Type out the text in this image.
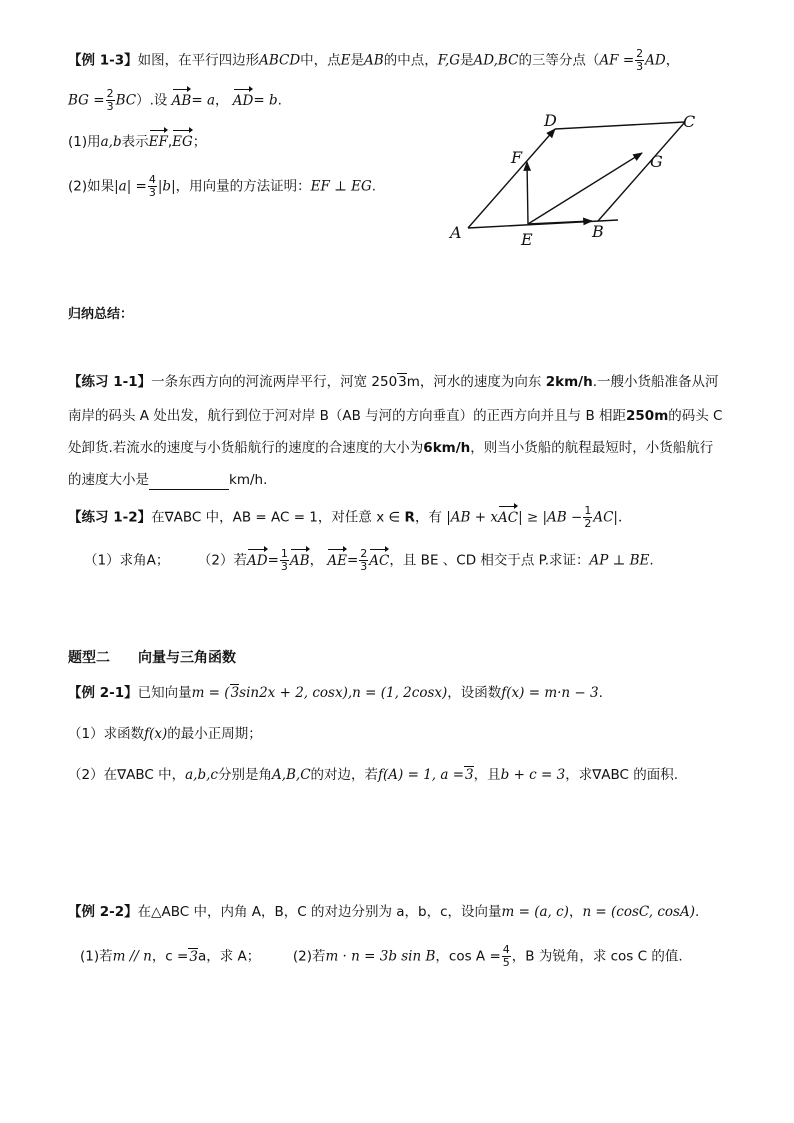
【例 1-3】如图，在平行四边形ABCD中，点E是AB的中点，F,G是AD,BC的三等分点（$AF = \frac{2}{3}$ AD，
BG = $\frac{2}{3} BC$）.设 AB= a， AD= b.
(1)用a,b表示EF,EG；
(2)如果$|a| = \frac{4}{3} |b|$，用向量的方法证明：EF ⊥ EG.
A	B
C
D
E
F	G
归纳总结：
【练习 1-1】一条东西方向的河流两岸平行，河宽 2503m，河水的速度为向东 2km/h.一艘小货船准备从河
南岸的码头 A 处出发，航行到位于河对岸 B（AB 与河的方向垂直）的正西方向并且与 B 相距250m的码头 C
处卸货.若流水的速度与小货船航行的速度的合速度的大小为6km/h，则当小货船的航程最短时，小货船航行
的速度大小是	km/h.
【练习 1-2】在∇ABC 中，AB = AC = 1，对任意 x ∈ R，有 $|AB + xAC| \ge |AB - \frac{1}{2} AC|$.
（1）求角A； （2）若$AD= \frac{1}{3}$ AB， $AE= \frac{2}{3}$ AC，且 BE 、CD 相交于点 P.求证：AP ⊥ BE.
题型二 向量与三角函数
【例 2-1】已知向量m = (3sin2x + 2, cosx),n = (1, 2cosx)，设函数f(x) = m·n − 3.
（1）求函数f(x)的最小正周期；
（2）在∇ABC 中，a,b,c分别是角A,B,C的对边，若f(A) = 1, a =3，且b + c = 3，求∇ABC 的面积.
【例 2-2】在△ABC 中，内角 A，B，C 的对边分别为 a，b，c，设向量m = (a, c)，n = (cosC, cosA).
(1)若m // n，c =3a，求 A； (2)若m · n = 3b sin B，$\cos A = \frac{4}{5}$ ，B 为锐角，求 cos C 的值.
